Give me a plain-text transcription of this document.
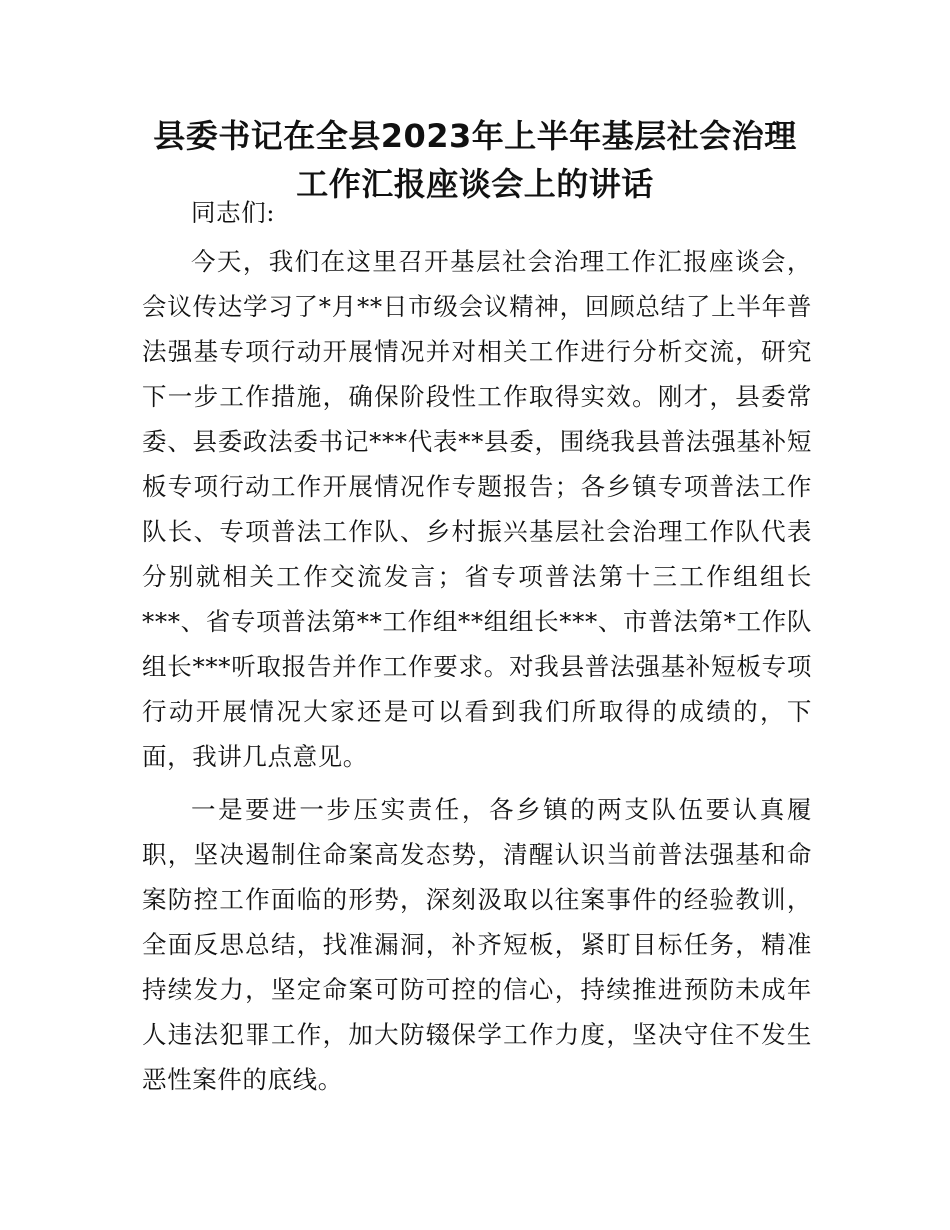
县委书记在全县2023年上半年基层社会治理工作汇报座谈会上的讲话

同志们:

今天，我们在这里召开基层社会治理工作汇报座谈会，会议传达学习了*月**日市级会议精神，回顾总结了上半年普法强基专项行动开展情况并对相关工作进行分析交流，研究下一步工作措施，确保阶段性工作取得实效。刚才，县委常委、县委政法委书记***代表**县委，围绕我县普法强基补短板专项行动工作开展情况作专题报告；各乡镇专项普法工作队长、专项普法工作队、乡村振兴基层社会治理工作队代表分别就相关工作交流发言；省专项普法第十三工作组组长***、省专项普法第**工作组**组组长***、市普法第*工作队组长***听取报告并作工作要求。对我县普法强基补短板专项行动开展情况大家还是可以看到我们所取得的成绩的，下面，我讲几点意见。

一是要进一步压实责任，各乡镇的两支队伍要认真履职，坚决遏制住命案高发态势，清醒认识当前普法强基和命案防控工作面临的形势，深刻汲取以往案事件的经验教训，全面反思总结，找准漏洞，补齐短板，紧盯目标任务，精准持续发力，坚定命案可防可控的信心，持续推进预防未成年人违法犯罪工作，加大防辍保学工作力度，坚决守住不发生恶性案件的底线。
